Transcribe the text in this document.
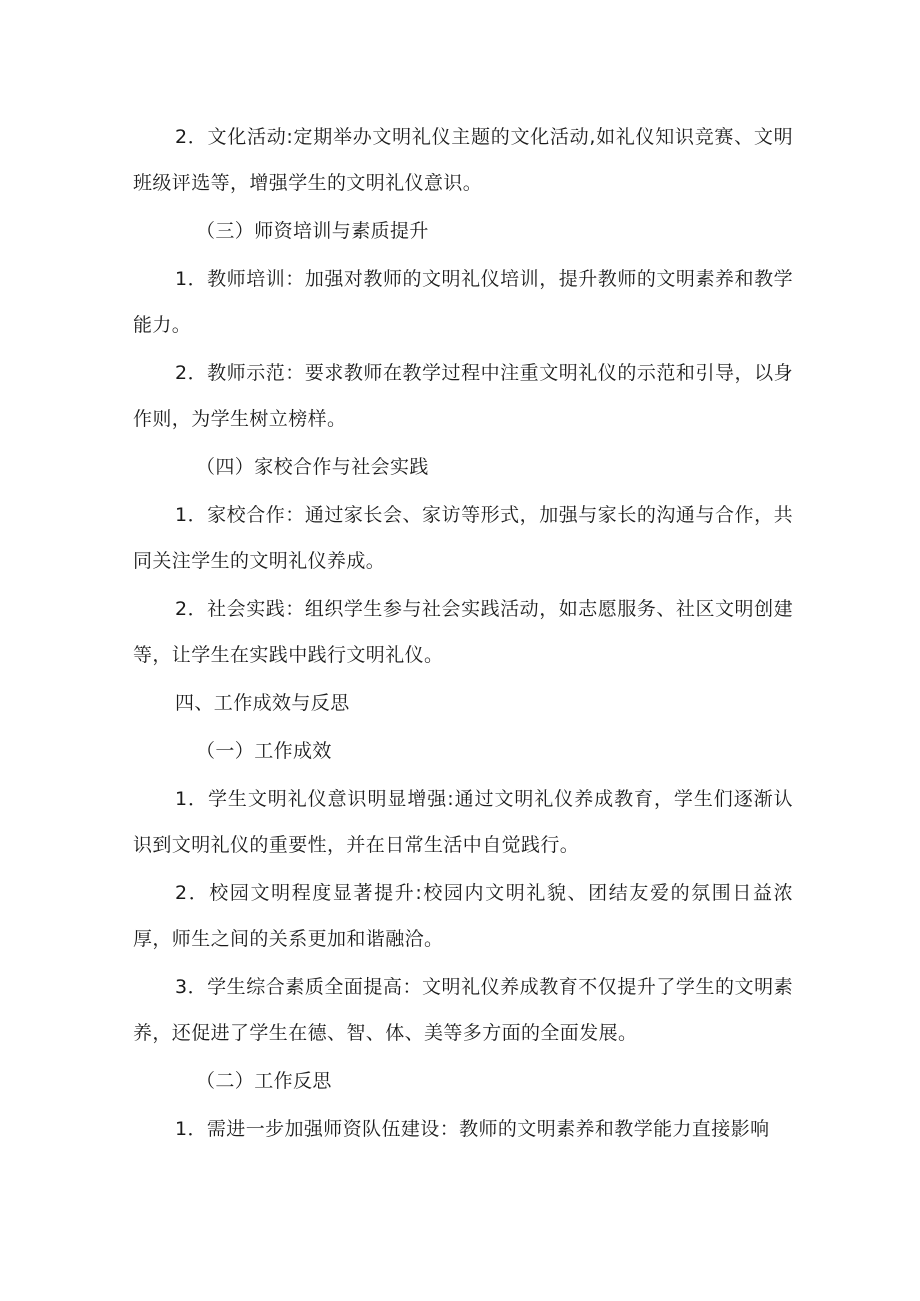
2．文化活动:定期举办文明礼仪主题的文化活动,如礼仪知识竞赛、文明班级评选等，增强学生的文明礼仪意识。

（三）师资培训与素质提升

1．教师培训：加强对教师的文明礼仪培训，提升教师的文明素养和教学能力。

2．教师示范：要求教师在教学过程中注重文明礼仪的示范和引导，以身作则，为学生树立榜样。

（四）家校合作与社会实践

1．家校合作：通过家长会、家访等形式，加强与家长的沟通与合作，共同关注学生的文明礼仪养成。

2．社会实践：组织学生参与社会实践活动，如志愿服务、社区文明创建等，让学生在实践中践行文明礼仪。

四、工作成效与反思

（一）工作成效

1．学生文明礼仪意识明显增强:通过文明礼仪养成教育，学生们逐渐认识到文明礼仪的重要性，并在日常生活中自觉践行。

2．校园文明程度显著提升:校园内文明礼貌、团结友爱的氛围日益浓厚，师生之间的关系更加和谐融洽。

3．学生综合素质全面提高：文明礼仪养成教育不仅提升了学生的文明素养，还促进了学生在德、智、体、美等多方面的全面发展。

（二）工作反思

1．需进一步加强师资队伍建设：教师的文明素养和教学能力直接影响
